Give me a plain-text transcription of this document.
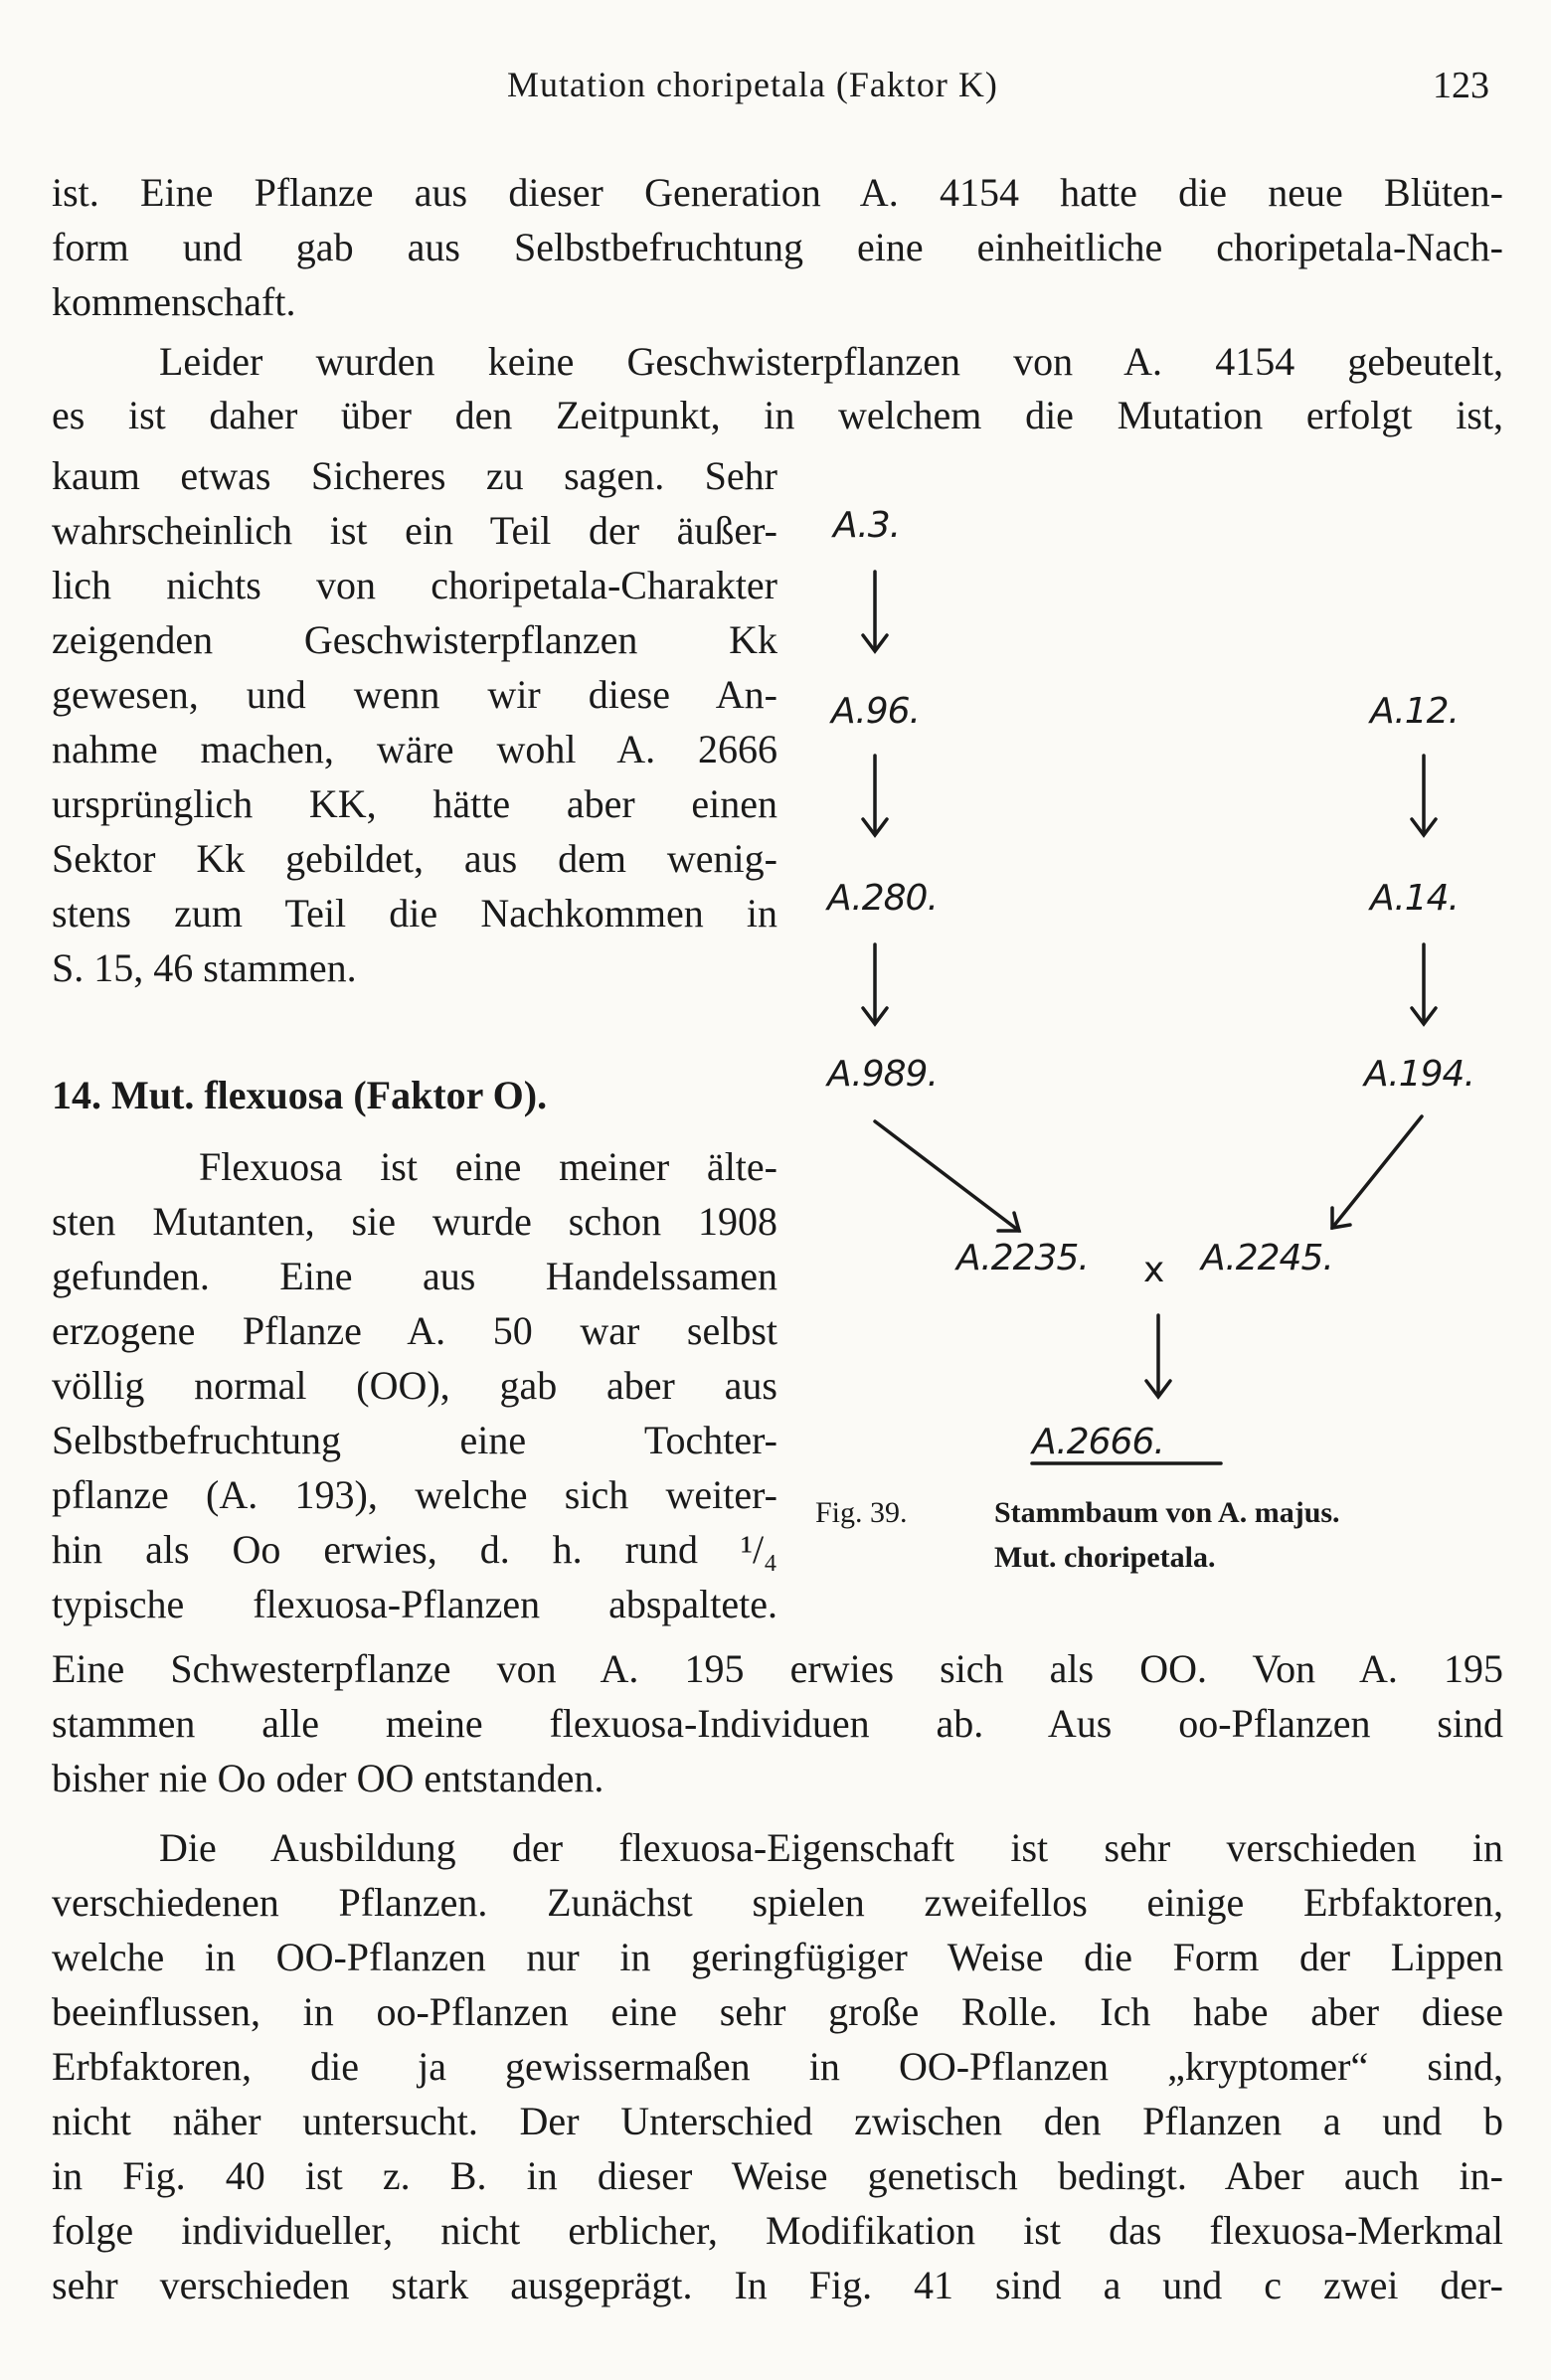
Mutation choripetala (Faktor K)	123
ist. Eine Pflanze aus dieser Generation A. 4154 hatte die neue Blüten-
form und gab aus Selbstbefruchtung eine einheitliche choripetala-Nach-
kommenschaft.
Leider wurden keine Geschwisterpflanzen von A. 4154 gebeutelt,
es ist daher über den Zeitpunkt, in welchem die Mutation erfolgt ist,
kaum etwas Sicheres zu sagen. Sehr
wahrscheinlich ist ein Teil der äußer-
lich nichts von choripetala-Charakter
zeigenden Geschwisterpflanzen Kk
gewesen, und wenn wir diese An-
nahme machen, wäre wohl A. 2666
ursprünglich KK, hätte aber einen
Sektor Kk gebildet, aus dem wenig-
stens zum Teil die Nachkommen in
S. 15, 46 stammen.
14. Mut. flexuosa (Faktor O).
Flexuosa ist eine meiner älte-
sten Mutanten, sie wurde schon 1908
gefunden. Eine aus Handelssamen
erzogene Pflanze A. 50 war selbst
völlig normal (OO), gab aber aus
Selbstbefruchtung eine Tochter-
pflanze (A. 193), welche sich weiter-
hin als Oo erwies, d. h. rund ¹/₄
typische flexuosa-Pflanzen abspaltete.
Eine Schwesterpflanze von A. 195 erwies sich als OO. Von A. 195
stammen alle meine flexuosa-Individuen ab. Aus oo-Pflanzen sind
bisher nie Oo oder OO entstanden.
Die Ausbildung der flexuosa-Eigenschaft ist sehr verschieden in
verschiedenen Pflanzen. Zunächst spielen zweifellos einige Erbfaktoren,
welche in OO-Pflanzen nur in geringfügiger Weise die Form der Lippen
beeinflussen, in oo-Pflanzen eine sehr große Rolle. Ich habe aber diese
Erbfaktoren, die ja gewissermaßen in OO-Pflanzen „kryptomer“ sind,
nicht näher untersucht. Der Unterschied zwischen den Pflanzen a und b
in Fig. 40 ist z. B. in dieser Weise genetisch bedingt. Aber auch in-
folge individueller, nicht erblicher, Modifikation ist das flexuosa-Merkmal
sehr verschieden stark ausgeprägt. In Fig. 41 sind a und c zwei der-
A.3.
A.96.
A.280.
A.989.
A.12.
A.14.
A.194.
A.2235. x A.2245.
A.2666.
Fig. 39.	Stammbaum von A. majus.
Mut. choripetala.
